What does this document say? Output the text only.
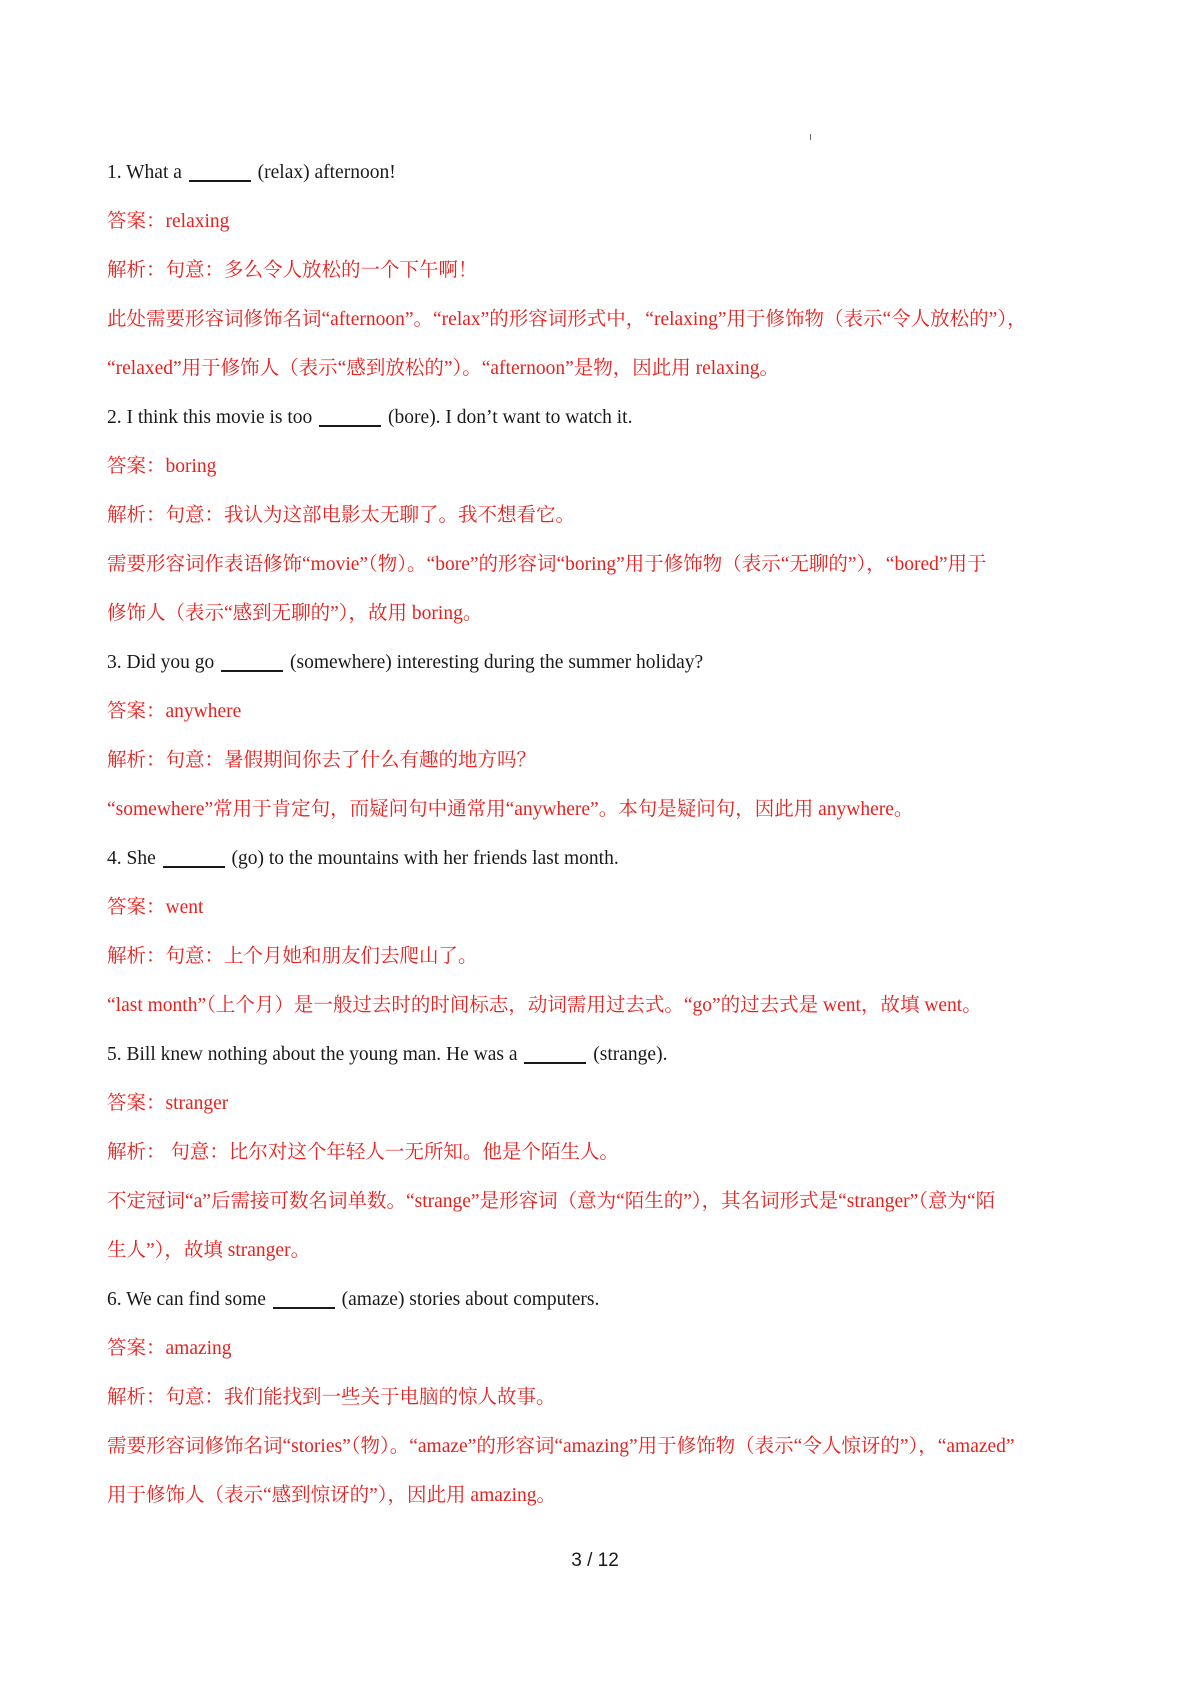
1. What a	(relax) afternoon!
答案：relaxing
解析：句意：多么令人放松的一个下午啊！
此处需要形容词修饰名词“afternoon”。“relax”的形容词形式中，“relaxing”用于修饰物（表示“令人放松的”），
“relaxed”用于修饰人（表示“感到放松的”）。“afternoon”是物，因此用 relaxing。
2. I think this movie is too	(bore). I don’t want to watch it.
答案：boring
解析：句意：我认为这部电影太无聊了。我不想看它。
需要形容词作表语修饰“movie”（物）。“bore”的形容词“boring”用于修饰物（表示“无聊的”），“bored”用于
修饰人（表示“感到无聊的”），故用 boring。
3. Did you go	(somewhere) interesting during the summer holiday?
答案：anywhere
解析：句意：暑假期间你去了什么有趣的地方吗？
“somewhere”常用于肯定句，而疑问句中通常用“anywhere”。本句是疑问句，因此用 anywhere。
4. She	(go) to the mountains with her friends last month.
答案：went
解析：句意：上个月她和朋友们去爬山了。
“last month”（上个月）是一般过去时的时间标志，动词需用过去式。“go”的过去式是 went，故填 went。
5. Bill knew nothing about the young man. He was a	(strange).
答案：stranger
解析： 句意：比尔对这个年轻人一无所知。他是个陌生人。
不定冠词“a”后需接可数名词单数。“strange”是形容词（意为“陌生的”），其名词形式是“stranger”（意为“陌
生人”），故填 stranger。
6. We can find some	(amaze) stories about computers.
答案：amazing
解析：句意：我们能找到一些关于电脑的惊人故事。
需要形容词修饰名词“stories”（物）。“amaze”的形容词“amazing”用于修饰物（表示“令人惊讶的”），“amazed”
用于修饰人（表示“感到惊讶的”），因此用 amazing。
3 / 12
